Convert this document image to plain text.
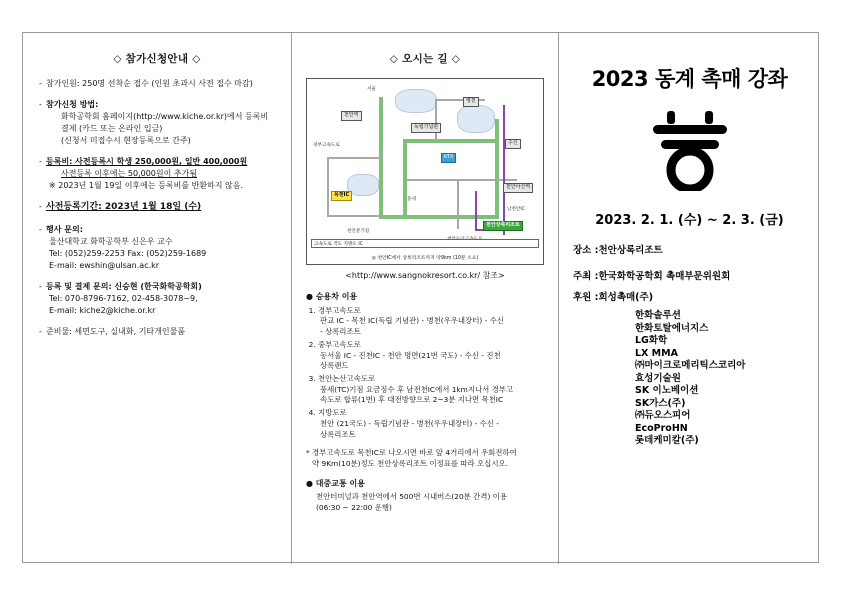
◇ 참가신청안내 ◇
- 참가인원: 250명 선착순 접수 (인원 초과시 사전 접수 마감)
- 참가신청 방법:
화학공학회 홈페이지(http://www.kiche.or.kr)에서 등록비
결제 (카드 또는 온라인 입금)
(신청서 미접수시 현장등록으로 간주)
- 등록비: 사전등록시 학생 250,000원, 일반 400,000원
사전등록 이후에는 50,000원이 추가됨
※ 2023년 1월 19일 이후에는 등록비를 반환하지 않음.
- 사전등록기간: 2023년 1월 18일 (수)
- 행사 문의:
울산대학교 화학공학부 신은우 교수
Tel: (052)259-2253 Fax: (052)259-1689
E-mail: ewshin@ulsan.ac.kr
- 등록 및 결제 문의: 신승현 (한국화학공학회)
Tel: 070-8796-7162, 02-458-3078~9,
E-mail: kiche2@kiche.or.kr
- 준비물: 세면도구, 실내화, 기타개인물품
◇ 오시는 길 ◇
목천IC
천안상록리조트
KTX
독립기념관
천안역
병천
수신
천안아산역
서울
경부고속도로
풍세
남천안IC
천안분기점
고속도로 국도 지방도 IC
◎ 천안IC에서 상록리조트까지 약9km (10분 소요)
<http://www.sangnokresort.co.kr/ 참조>
● 승용차 이용
1. 경부고속도로
판교 IC - 목천 IC(독립 기념관) - 병천(우우내장터) - 수신
- 상록리조트
2. 중부고속도로
동서울 IC - 진천IC - 천안 명면(21번 국도) - 수신 - 진천
상록랜드
3. 천안논산고속도로
풍세(TC)기점 요금징수 후 남전천IC에서 1km지나서 경부고
속도로 합류(1번) 후 대전방향으로 2~3분 지나면 목천IC
4. 지방도로
천안 (21국도) - 독립기념관 - 병천(우우내장터) - 수신 -
상록리조트
* 경부고속도로 목천IC로 나오시면 바로 앞 4거리에서 우회전하여
약 9Km(10분)정도 천안상록리조트 이정표를 따라 오십시오.
● 대중교통 이용
천안터미널과 천안역에서 500번 시내버스(20분 간격) 이용
(06:30 ~ 22:00 운행)
2023 동계 촉매 강좌
2023. 2. 1. (수) ~ 2. 3. (금)
장소 :천안상록리조트
주최 :한국화학공학회 촉매부문위원회
후원 :희성촉매(주)
한화솔루션
한화토탈에너지스
LG화학
LX MMA
㈜마이크로메리틱스코리아
효성기술원
SK 이노베이션
SK가스(주)
㈜듀오스피어
EcoProHN
롯데케미칼(주)
